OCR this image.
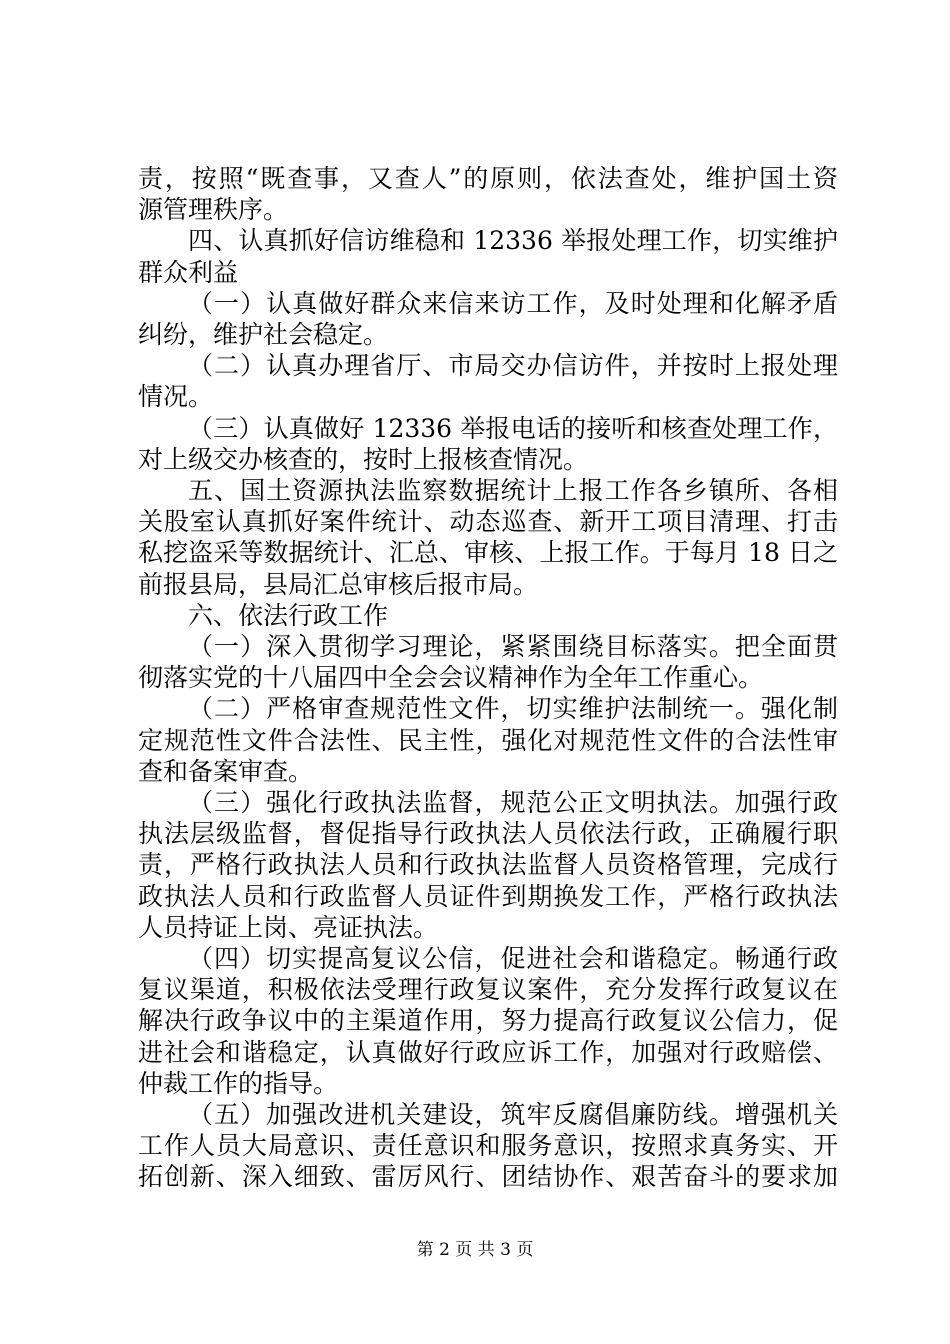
责，按照“既查事，又查人”的原则，依法查处，维护国土资
源管理秩序。
四、认真抓好信访维稳和 12336 举报处理工作，切实维护
群众利益
（一）认真做好群众来信来访工作，及时处理和化解矛盾
纠纷，维护社会稳定。
（二）认真办理省厅、市局交办信访件，并按时上报处理
情况。
（三）认真做好 12336 举报电话的接听和核查处理工作，
对上级交办核查的，按时上报核查情况。
五、国土资源执法监察数据统计上报工作各乡镇所、各相
关股室认真抓好案件统计、动态巡查、新开工项目清理、打击
私挖盗采等数据统计、汇总、审核、上报工作。于每月 18 日之
前报县局，县局汇总审核后报市局。
六、依法行政工作
（一）深入贯彻学习理论，紧紧围绕目标落实。把全面贯
彻落实党的十八届四中全会会议精神作为全年工作重心。
（二）严格审查规范性文件，切实维护法制统一。强化制
定规范性文件合法性、民主性，强化对规范性文件的合法性审
查和备案审查。
（三）强化行政执法监督，规范公正文明执法。加强行政
执法层级监督，督促指导行政执法人员依法行政，正确履行职
责，严格行政执法人员和行政执法监督人员资格管理，完成行
政执法人员和行政监督人员证件到期换发工作，严格行政执法
人员持证上岗、亮证执法。
（四）切实提高复议公信，促进社会和谐稳定。畅通行政
复议渠道，积极依法受理行政复议案件，充分发挥行政复议在
解决行政争议中的主渠道作用，努力提高行政复议公信力，促
进社会和谐稳定，认真做好行政应诉工作，加强对行政赔偿、
仲裁工作的指导。
（五）加强改进机关建设，筑牢反腐倡廉防线。增强机关
工作人员大局意识、责任意识和服务意识，按照求真务实、开
拓创新、深入细致、雷厉风行、团结协作、艰苦奋斗的要求加
第 2 页 共 3 页
